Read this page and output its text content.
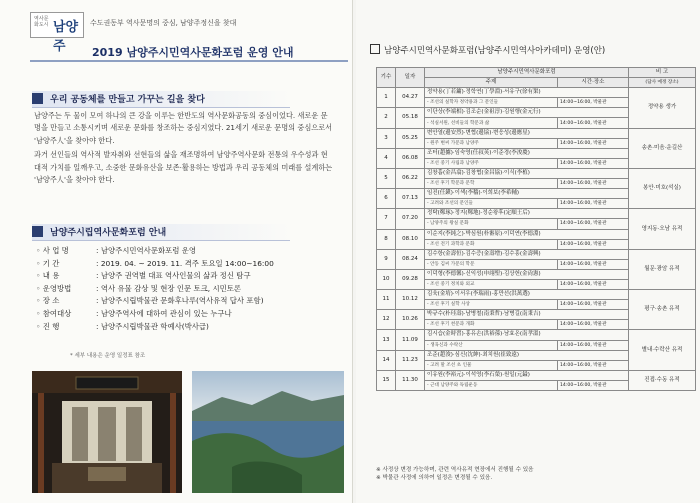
역사문화도시 남양주
수도권동부 역사문명의 중심, 남양주정신을 찾대
2019 남양주시민역사문화포럼 운영 안내
우리 공동체를 만들고 가꾸는 길을 찾다

남양주는 두 물이 모여 하나의 큰 강을 이루는 한반도의 역사문화공동의 중심이었다. 새로운 문명을 만들고 소통시키며 새로운 문화를 창조하는 중심지였다. 21세기 새로운 문명의 중심으로서 '남양주人'을 찾아야 한다.

과거 선인들의 역사적 발자취와 선현들의 삶을 재조명하여 남양주역사문화 전통의 우수성과 현대적 가치를 일깨우고, 소중한 문화유산을 보존·활용하는 방법과 우리 공동체의 미래를 설계하는 '남양주人'을 찾아야 한다.

남양주시립역사문화포럼 안내
◦ 사 업 명	: 남양주시민역사문화포럼 운영
◦ 기 간	: 2019. 04. ~ 2019. 11. 격주 토요일 14:00~16:00
◦ 내 용	: 남양주 권역별 대표 역사인물의 삶과 정신 탐구
◦ 운영방법	: 역사 유물 감상 및 현장 인문 토크, 시민토론
◦ 장 소	: 남양주시립박물관 문화후나루(역사유적 답사 포함)
◦ 참여대상	: 남양주역사에 대하여 관심이 있는 누구나
◦ 진 행	: 남양주시립박물관 학예사(박사급)
* 세부 내용은 운영 일정표 참조
남양주시민역사문화포럼(남양주시민역사아카데미) 운영(안)
기수	일자	남양주시민역사문화포럼		비 고
		주제	시간·장소	(답사 예정 장소)
1	04.27	정약용(丁若鏞)·정학연(丁學淵)·서유구(徐有榘)		정약용 생가
		- 조선의 실학자 정약용과 그 문인들	14:00~16:00, 박물관	
2	05.18	이단상(李端相)·김조순(金祖淳)·김원행(金元行)		
		- 석실서원, 선비들의 학문과 삶	14:00~16:00, 박물관	
3	05.25	변안열(邊安烈)·변협(邊協)·변응성(邊應星)		송촌·미음·운길산
		- 원주 변씨 가문과 남양주	14:00~16:00, 박물관	
4	06.08	조터(趙攄)·임숙영(任叔英)·이준경(李浚慶)		
		- 조선 중기 사림과 남양주	14:00~16:00, 박물관	
5	06.22	김창흡(金昌翕)·김창협(金昌協)·이식(李植)		봉안·미호(석실)
		- 조선 후기 학문과 문학	14:00~16:00, 박물관	
6	07.13	임진(任鎭)·이색(李穡)·이희보(李希輔)		
		- 고려와 조선의 문인들	14:00~16:00, 박물관	
7	07.20	정탁(鄭琢)·정지(鄭地)·정순왕후(定順王后)		영지동·오남 유적
		- 남양주의 왕실 문화	14:00~16:00, 박물관	
8	08.10	이순지(李純之)·박심원(朴審原)·이덕연(李德淵)		
		- 조선 전기 과학과 문화	14:00~16:00, 박물관	
9	08.24	김수항(金壽恒)·김수증(金壽增)·김수흥(金壽興)		월문·광암 유적
		- 안동 김씨 가문의 학문	14:00~16:00, 박물관	
10	09.28	이덕형(李德馨)·신익성(申翊聖)·김상헌(金尙憲)		
		- 조선 중기 정치와 외교	14:00~16:00, 박물관	
11	10.12	김육(金堉)·이서우(李瑞雨)·홍만선(洪萬選)		평구·송촌 유적
		- 조선 후기 실학 사상	14:00~16:00, 박물관	
12	10.26	박규수(朴珪壽)·남병철(南秉哲)·남병길(南秉吉)		
		- 조선 후기 천문과 개화	14:00~16:00, 박물관	
13	11.09	김시습(金時習)·홍유손(洪裕孫)·남효온(南孝溫)		별내·수락산 유적
		- 생육신과 수락산	14:00~16:00, 박물관	
14	11.23	조준(趙浚)·심신(沈紳)·최치원(崔致遠)		
		- 고려 말 조선 초 인물	14:00~16:00, 박물관	
15	11.30	이유원(李裕元)·이석영(李石榮)·원일(元鎰)		진접·수동 유적
		- 근대 남양주와 독립운동	14:00~16:00, 박물관	
※ 사정상 변경 가능하며, 관련 역사유적 현장에서 진행될 수 있음
※ 박물관 사정에 의하여 일정은 변경될 수 있음.
